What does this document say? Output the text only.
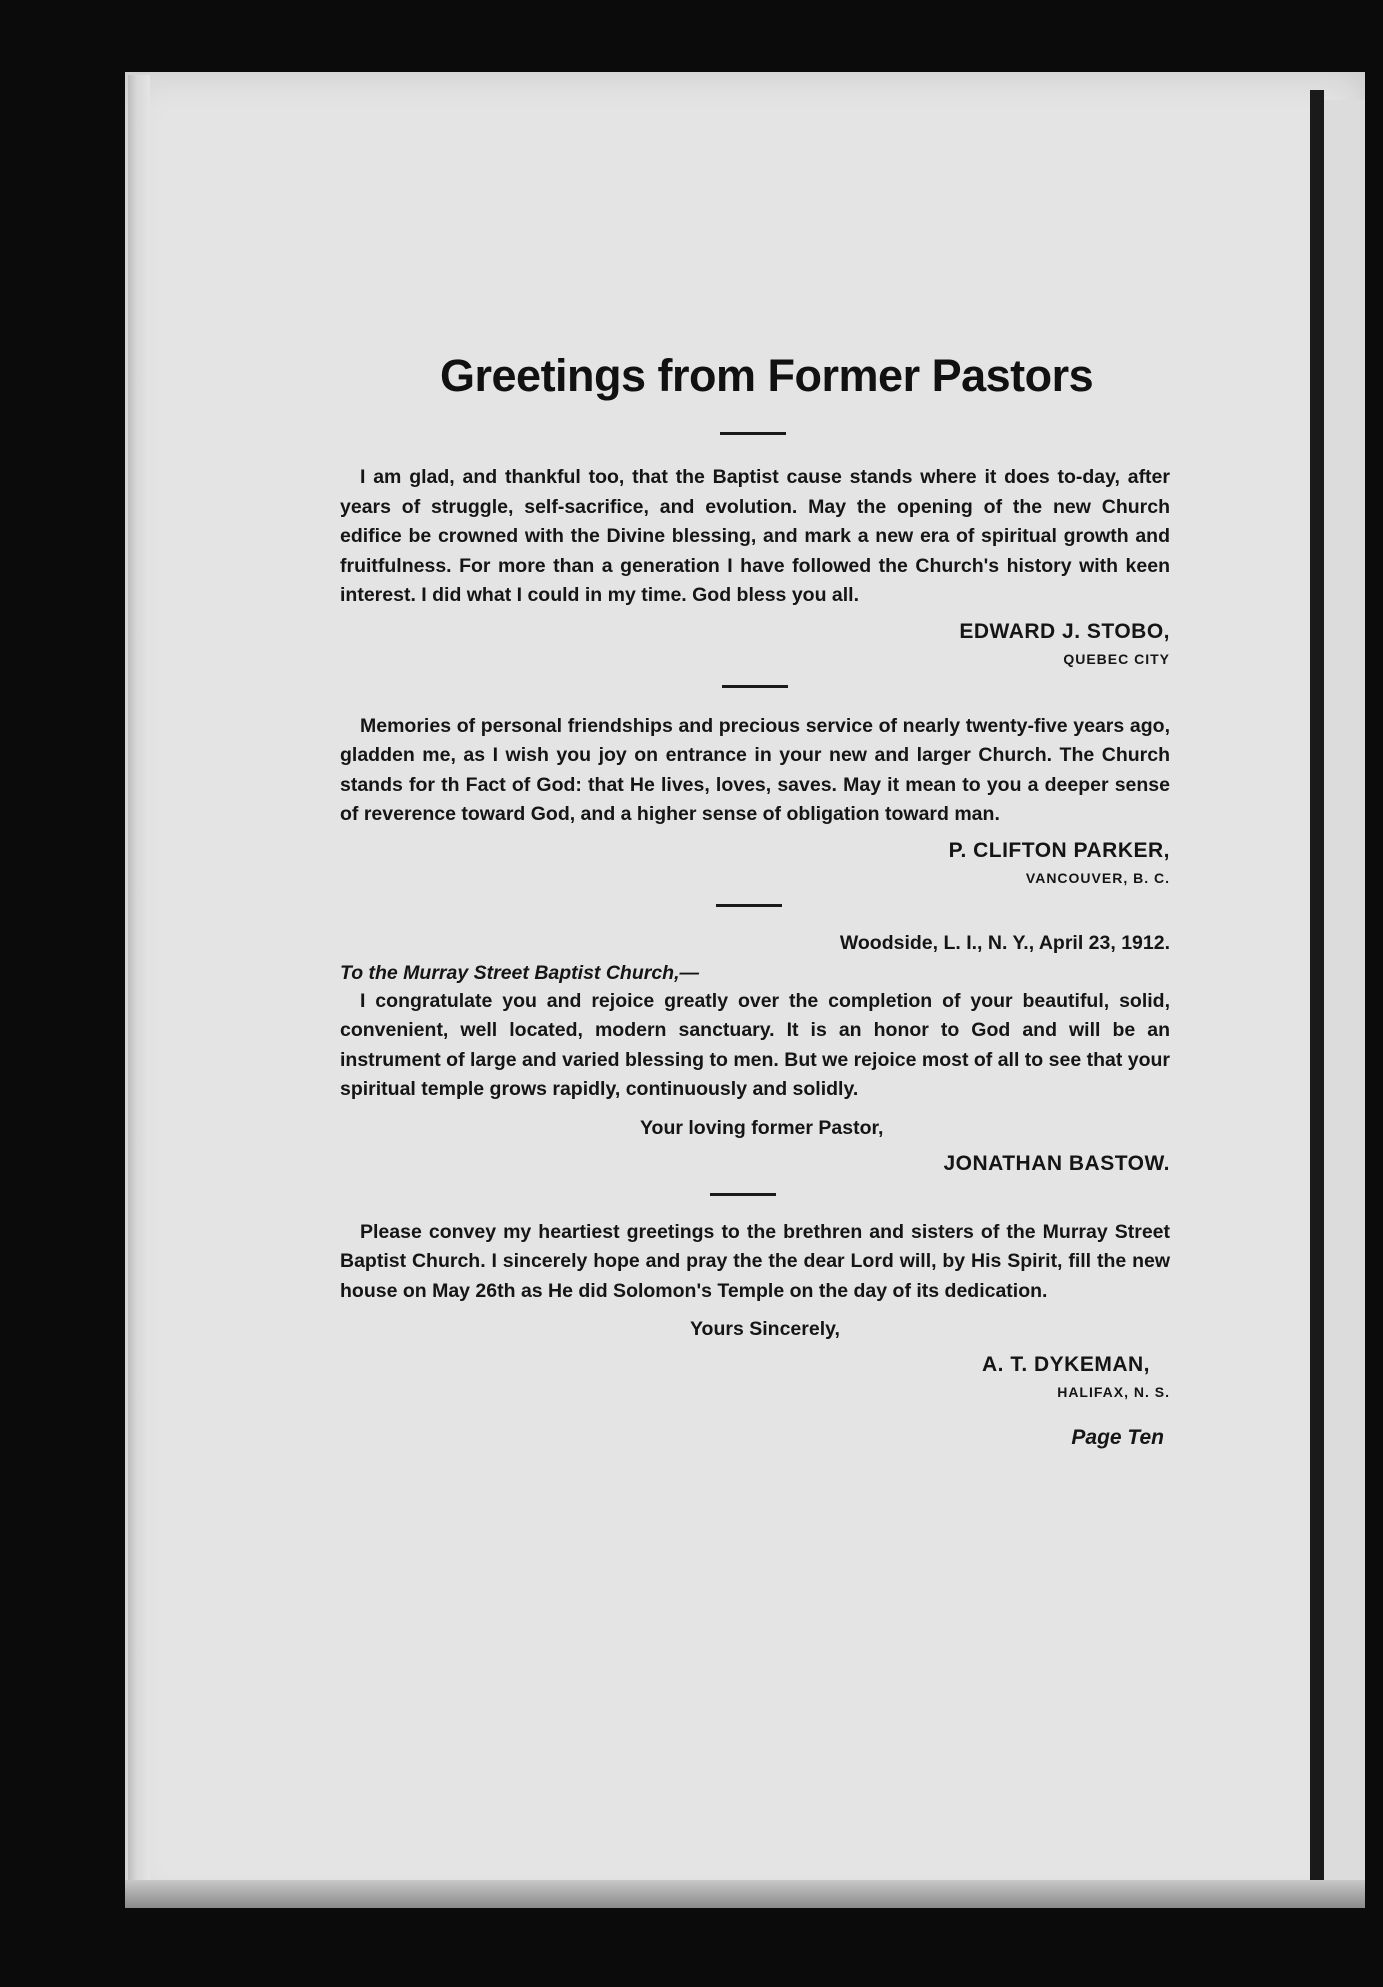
Greetings from Former Pastors

I am glad, and thankful too, that the Baptist cause stands where it does to-day, after years of struggle, self-sacrifice, and evolution. May the opening of the new Church edifice be crowned with the Divine blessing, and mark a new era of spiritual growth and fruitfulness. For more than a generation I have followed the Church's history with keen interest. I did what I could in my time. God bless you all.

EDWARD J. STOBO,
QUEBEC CITY

Memories of personal friendships and precious service of nearly twenty-five years ago, gladden me, as I wish you joy on entrance in your new and larger Church. The Church stands for th Fact of God: that He lives, loves, saves. May it mean to you a deeper sense of reverence toward God, and a higher sense of obligation toward man.

P. CLIFTON PARKER,
VANCOUVER, B. C.
Woodside, L. I., N. Y., April 23, 1912.

To the Murray Street Baptist Church,—

I congratulate you and rejoice greatly over the completion of your beautiful, solid, convenient, well located, modern sanctuary. It is an honor to God and will be an instrument of large and varied blessing to men. But we rejoice most of all to see that your spiritual temple grows rapidly, continuously and solidly.

Your loving former Pastor,
JONATHAN BASTOW.

Please convey my heartiest greetings to the brethren and sisters of the Murray Street Baptist Church. I sincerely hope and pray the the dear Lord will, by His Spirit, fill the new house on May 26th as He did Solomon's Temple on the day of its dedication.

Yours Sincerely,
A. T. DYKEMAN,
HALIFAX, N. S.
Page Ten
